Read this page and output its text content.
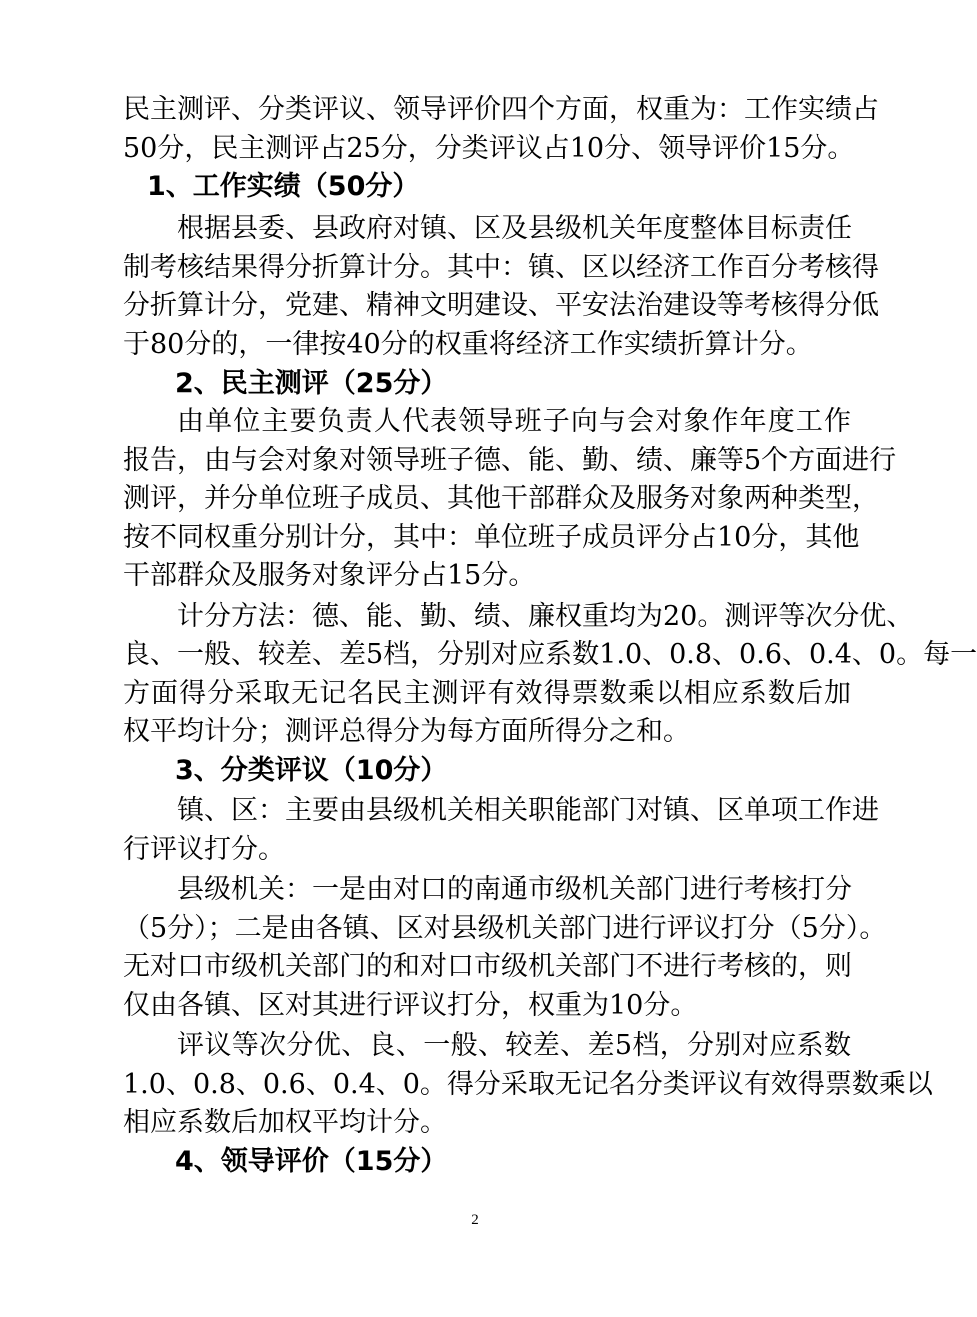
民主测评、分类评议、领导评价四个方面，权重为：工作实绩占
50分，民主测评占25分，分类评议占10分、领导评价15分。
1、工作实绩（50分）
根据县委、县政府对镇、区及县级机关年度整体目标责任
制考核结果得分折算计分。其中：镇、区以经济工作百分考核得
分折算计分，党建、精神文明建设、平安法治建设等考核得分低
于80分的，一律按40分的权重将经济工作实绩折算计分。
2、民主测评（25分）
由单位主要负责人代表领导班子向与会对象作年度工作
报告，由与会对象对领导班子德、能、勤、绩、廉等5个方面进行
测评，并分单位班子成员、其他干部群众及服务对象两种类型，
按不同权重分别计分，其中：单位班子成员评分占10分，其他
干部群众及服务对象评分占15分。
计分方法：德、能、勤、绩、廉权重均为20。测评等次分优、
良、一般、较差、差5档，分别对应系数1.0、0.8、0.6、0.4、0。每一
方面得分采取无记名民主测评有效得票数乘以相应系数后加
权平均计分；测评总得分为每方面所得分之和。
3、分类评议（10分）
镇、区：主要由县级机关相关职能部门对镇、区单项工作进
行评议打分。
县级机关：一是由对口的南通市级机关部门进行考核打分
（5分）；二是由各镇、区对县级机关部门进行评议打分（5分）。
无对口市级机关部门的和对口市级机关部门不进行考核的，则
仅由各镇、区对其进行评议打分，权重为10分。
评议等次分优、良、一般、较差、差5档，分别对应系数
1.0、0.8、0.6、0.4、0。得分采取无记名分类评议有效得票数乘以
相应系数后加权平均计分。
4、领导评价（15分）
2
